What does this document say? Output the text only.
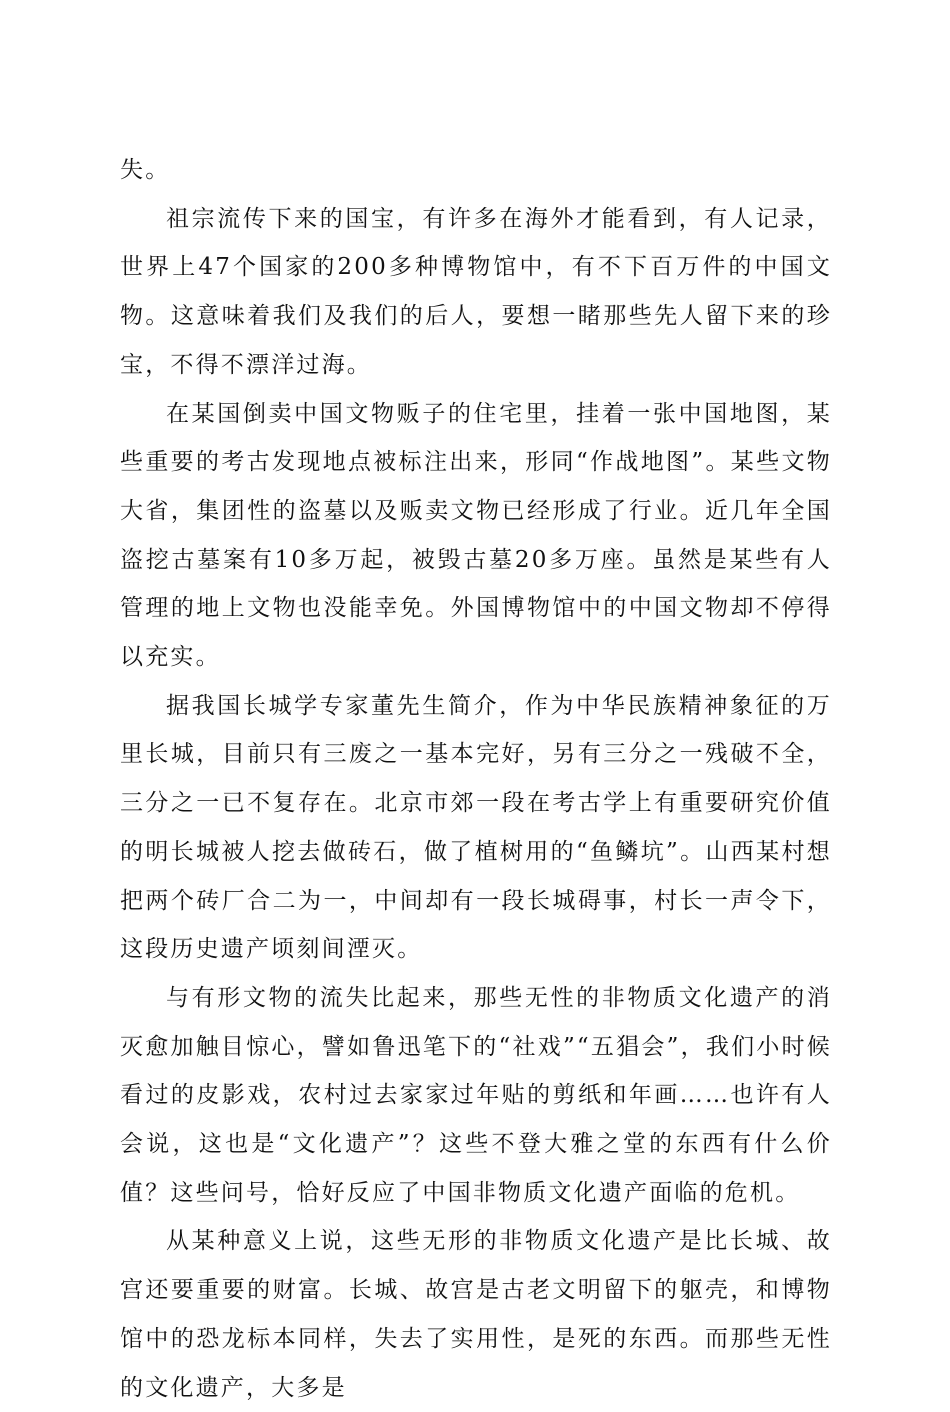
失。

祖宗流传下来的国宝，有许多在海外才能看到，有人记录，世界上47个国家的200多种博物馆中，有不下百万件的中国文物。这意味着我们及我们的后人，要想一睹那些先人留下来的珍宝，不得不漂洋过海。

在某国倒卖中国文物贩子的住宅里，挂着一张中国地图，某些重要的考古发现地点被标注出来，形同“作战地图”。某些文物大省，集团性的盗墓以及贩卖文物已经形成了行业。近几年全国盗挖古墓案有10多万起，被毁古墓20多万座。虽然是某些有人管理的地上文物也没能幸免。外国博物馆中的中国文物却不停得以充实。

据我国长城学专家董先生简介，作为中华民族精神象征的万里长城，目前只有三废之一基本完好，另有三分之一残破不全，三分之一已不复存在。北京市郊一段在考古学上有重要研究价值的明长城被人挖去做砖石，做了植树用的“鱼鳞坑”。山西某村想把两个砖厂合二为一，中间却有一段长城碍事，村长一声令下，这段历史遗产顷刻间湮灭。

与有形文物的流失比起来，那些无性的非物质文化遗产的消灭愈加触目惊心，譬如鲁迅笔下的“社戏”“五猖会”，我们小时候看过的皮影戏，农村过去家家过年贴的剪纸和年画……也许有人会说，这也是“文化遗产”？这些不登大雅之堂的东西有什么价值？这些问号，恰好反应了中国非物质文化遗产面临的危机。

从某种意义上说，这些无形的非物质文化遗产是比长城、故宫还要重要的财富。长城、故宫是古老文明留下的躯壳，和博物馆中的恐龙标本同样，失去了实用性，是死的东西。而那些无性的文化遗产，大多是
